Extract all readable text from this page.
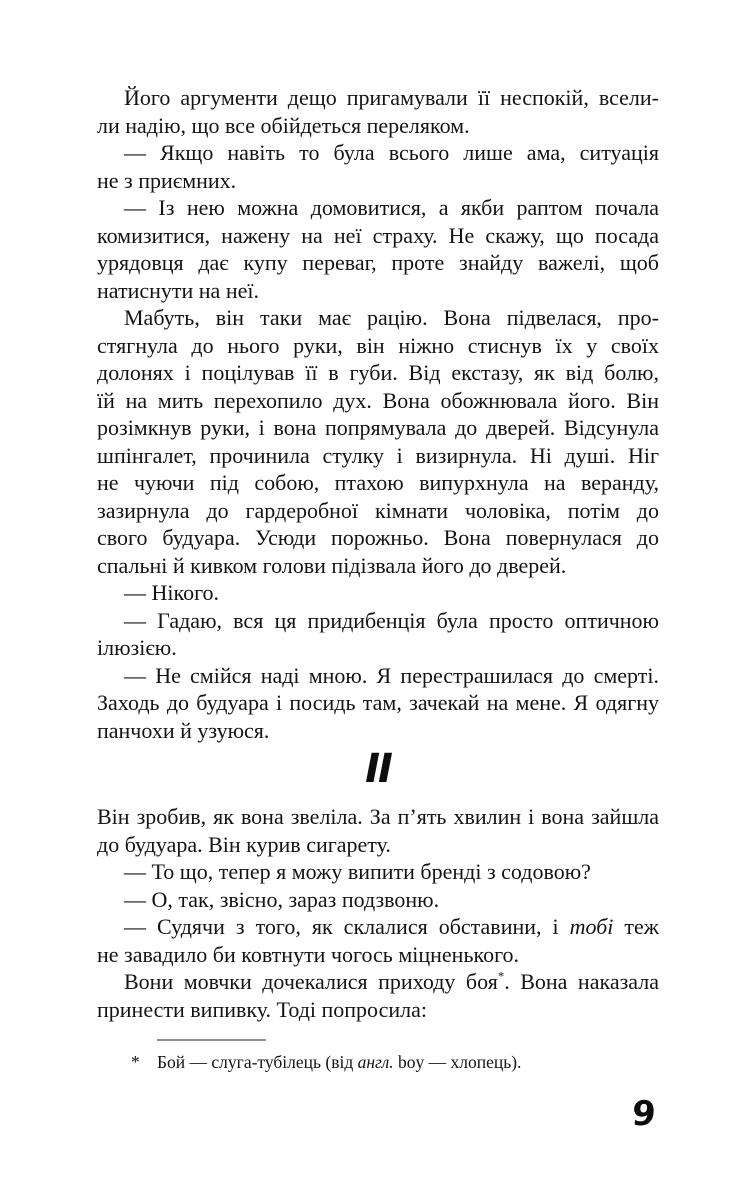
Його аргументи дещо пригамували її неспокій, всели-
ли надію, що все обійдеться переляком.
— Якщо навіть то була всього лише ама, ситуація
не з приємних.
— Із нею можна домовитися, а якби раптом почала
комизитися, нажену на неї страху. Не скажу, що посада
урядовця дає купу переваг, проте знайду важелі, щоб
натиснути на неї.
Мабуть, він таки має рацію. Вона підвелася, про-
стягнула до нього руки, він ніжно стиснув їх у своїх
долонях і поцілував її в губи. Від екстазу, як від болю,
їй на мить перехопило дух. Вона обожнювала його. Він
розімкнув руки, і вона попрямувала до дверей. Відсунула
шпінгалет, прочинила стулку і визирнула. Ні душі. Ніг
не чуючи під собою, птахою випурхнула на веранду,
зазирнула до гардеробної кімнати чоловіка, потім до
свого будуара. Усюди порожньо. Вона повернулася до
спальні й кивком голови підізвала його до дверей.
— Нікого.
— Гадаю, вся ця придибенція була просто оптичною
ілюзією.
— Не смійся наді мною. Я перестрашилася до смерті.
Заходь до будуара і посидь там, зачекай на мене. Я одягну
панчохи й узуюся.
II
Він зробив, як вона звеліла. За п’ять хвилин і вона зайшла
до будуара. Він курив сигарету.
— То що, тепер я можу випити бренді з содовою?
— О, так, звісно, зараз подзвоню.
— Судячи з того, як склалися обставини, і тобі теж
не завадило би ковтнути чогось міцненького.
Вони мовчки дочекалися приходу боя*. Вона наказала
принести випивку. Тоді попросила:
* Бой — слуга-тубілець (від англ. boy — хлопець).
9
